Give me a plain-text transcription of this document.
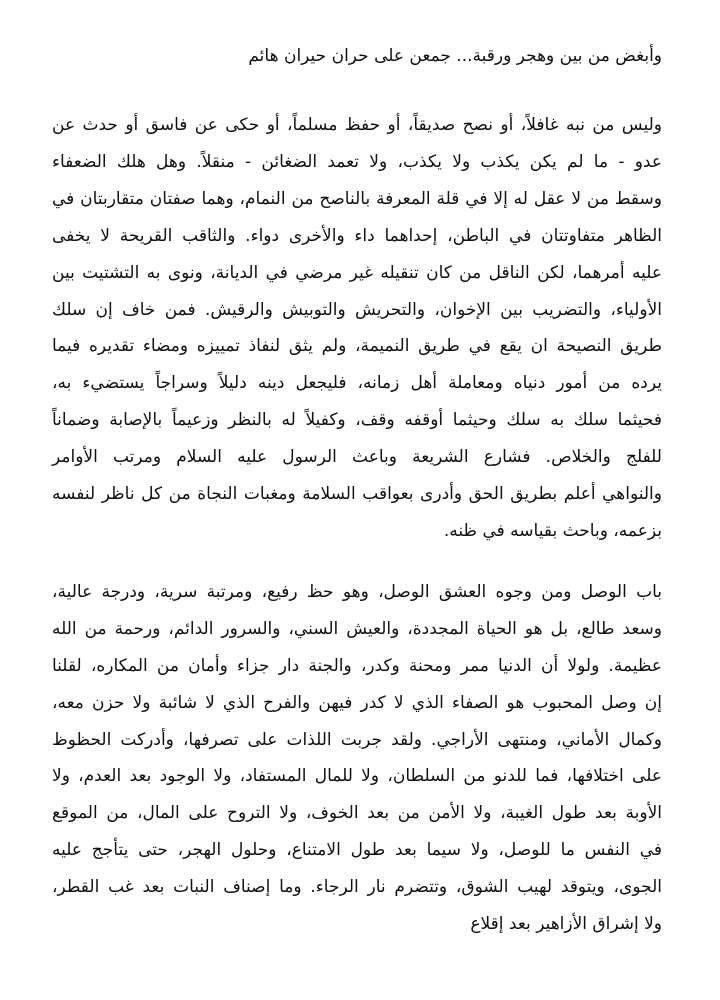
وأبغض من بين وهجر ورقبة... جمعن على حران حيران هائم

وليس من نبه غافلاً، أو نصح صديقاً، أو حفظ مسلماً، أو حكى عن فاسق أو حدث عن
عدو - ما لم يكن يكذب ولا يكذب، ولا تعمد الضغائن - منقلاً. وهل هلك الضعفاء
وسقط من لا عقل له إلا في قلة المعرفة بالناصح من النمام، وهما صفتان متقاربتان في
الظاهر متفاوتتان في الباطن، إحداهما داء والأخرى دواء. والثاقب القريحة لا يخفى
عليه أمرهما، لكن الناقل من كان تنقيله غير مرضي في الديانة، ونوى به التشتيت بين
الأولياء، والتضريب بين الإخوان، والتحريش والتوبيش والرقيش. فمن خاف إن سلك
طريق النصيحة ان يقع في طريق النميمة، ولم يثق لنفاذ تمييزه ومضاء تقديره فيما
يرده من أمور دنياه ومعاملة أهل زمانه، فليجعل دينه دليلاً وسراجاً يستضيء به،
فحيثما سلك به سلك وحيثما أوقفه وقف، وكفيلاً له بالنظر وزعيماً بالإصابة وضماناً
للفلج والخلاص. فشارع الشريعة وباعث الرسول عليه السلام ومرتب الأوامر
والنواهي أعلم بطريق الحق وأدرى بعواقب السلامة ومغبات النجاة من كل ناظر لنفسه
بزعمه، وباحث بقياسه في ظنه.

باب الوصل ومن وجوه العشق الوصل، وهو حظ رفيع، ومرتبة سرية، ودرجة عالية،
وسعد طالع، بل هو الحياة المجددة، والعيش السني، والسرور الدائم، ورحمة من الله
عظيمة. ولولا أن الدنيا ممر ومحنة وكدر، والجنة دار جزاء وأمان من المكاره، لقلنا
إن وصل المحبوب هو الصفاء الذي لا كدر فيهن والفرح الذي لا شائبة ولا حزن معه،
وكمال الأماني، ومنتهى الأراجي. ولقد جربت اللذات على تصرفها، وأدركت الحظوظ
على اختلافها، فما للدنو من السلطان، ولا للمال المستفاد، ولا الوجود بعد العدم، ولا
الأوبة بعد طول الغيبة، ولا الأمن من بعد الخوف، ولا التروح على المال، من الموقع
في النفس ما للوصل، ولا سيما بعد طول الامتناع، وحلول الهجر، حتى يتأجج عليه
الجوى، ويتوقد لهيب الشوق، وتتضرم نار الرجاء. وما إصناف النبات بعد غب القطر،
ولا إشراق الأزاهير بعد إقلاع
